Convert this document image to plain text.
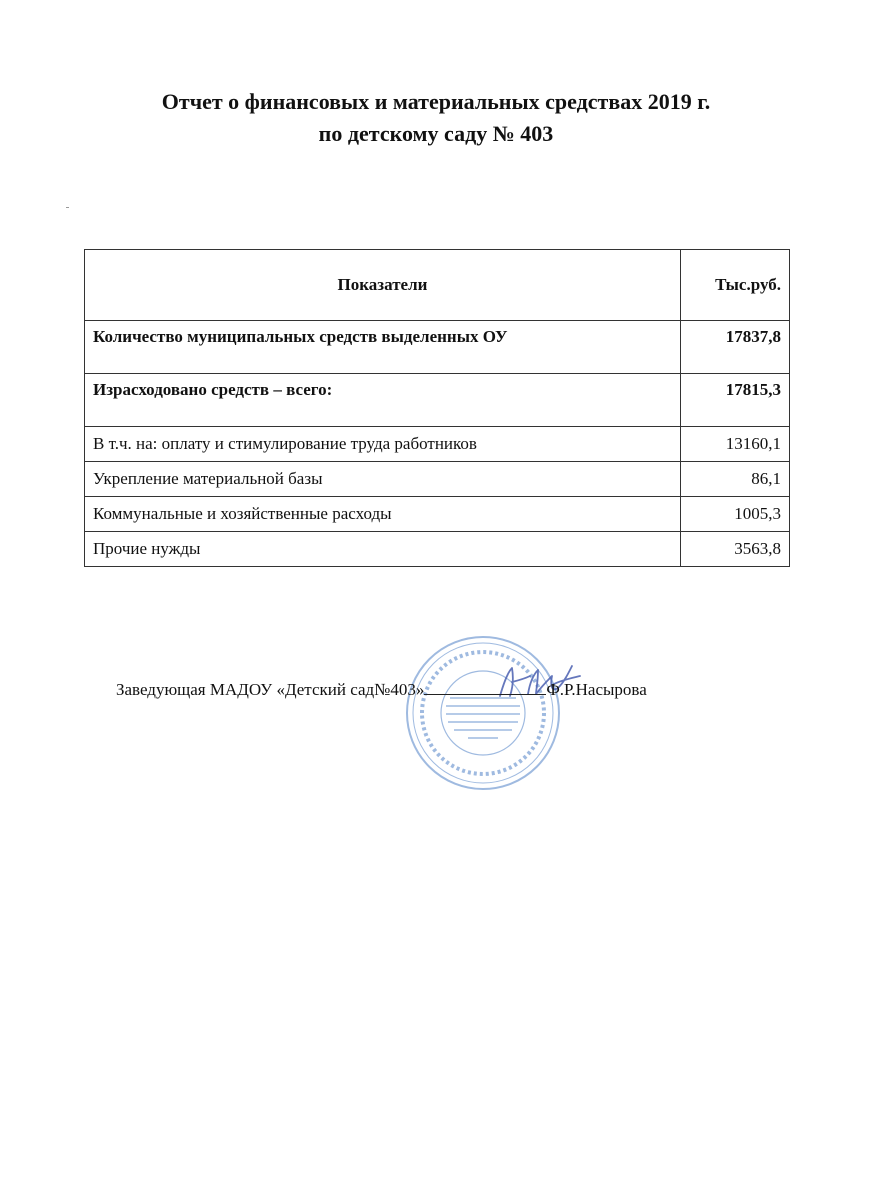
Отчет о финансовых и материальных средствах 2019 г.
по детскому саду № 403
Показатели	Тыс.руб.
Количество муниципальных средств выделенных ОУ	17837,8
Израсходовано средств – всего:	17815,3
В т.ч. на: оплату и стимулирование труда работников	13160,1
Укрепление материальной базы	86,1
Коммунальные и хозяйственные расходы	1005,3
Прочие нужды	3563,8
Заведующая МАДОУ «Детский сад№403»	Ф.Р.Насырова
